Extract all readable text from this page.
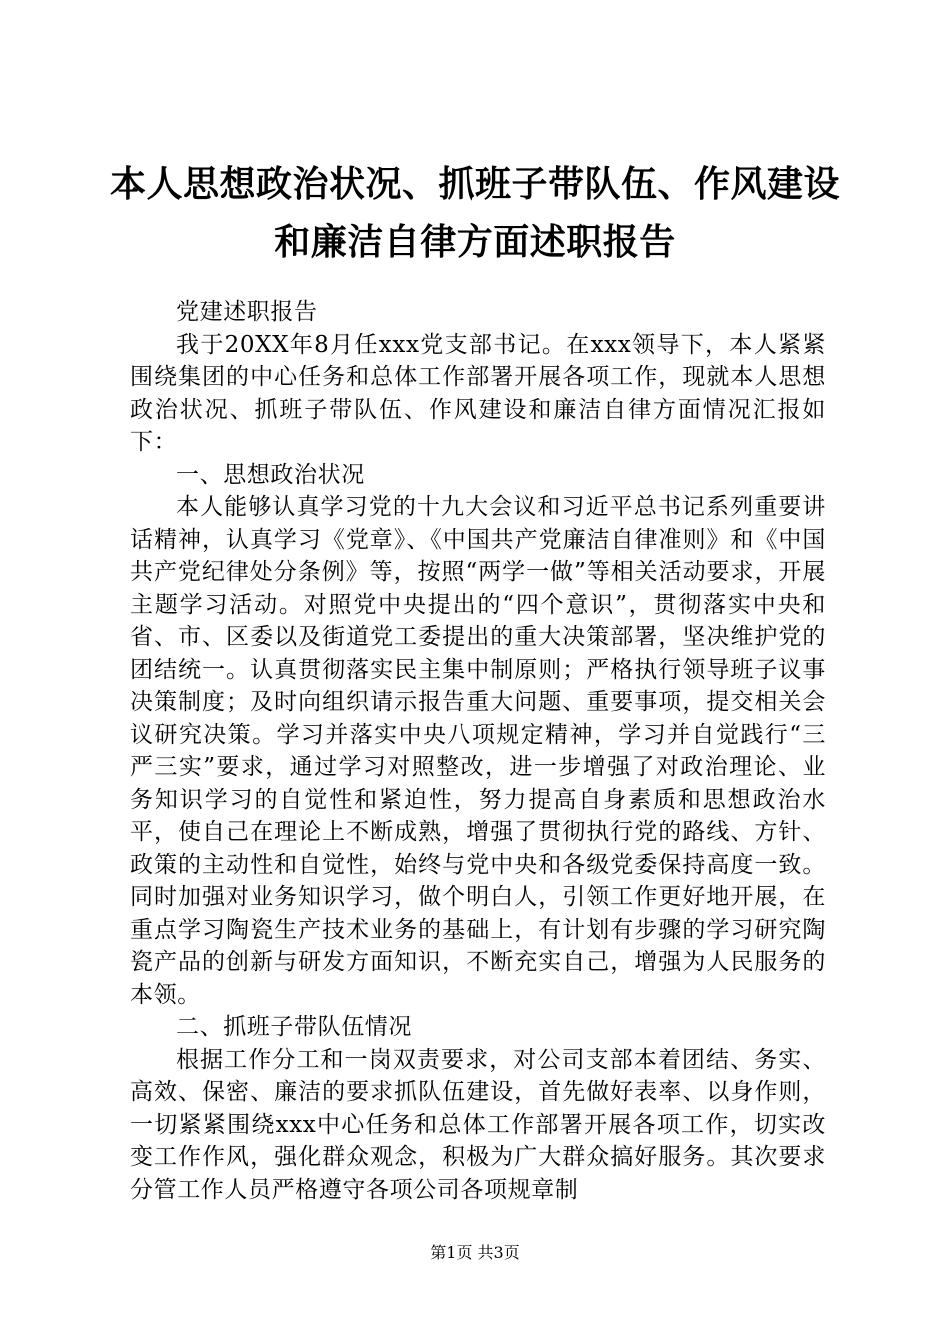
本人思想政治状况、抓班子带队伍、作风建设
和廉洁自律方面述职报告

党建述职报告

我于20XX年8月任xxx党支部书记。在xxx领导下，本人紧紧围绕集团的中心任务和总体工作部署开展各项工作，现就本人思想政治状况、抓班子带队伍、作风建设和廉洁自律方面情况汇报如下：

一、思想政治状况

本人能够认真学习党的十九大会议和习近平总书记系列重要讲话精神，认真学习《党章》、《中国共产党廉洁自律准则》和《中国共产党纪律处分条例》等，按照“两学一做”等相关活动要求，开展主题学习活动。对照党中央提出的“四个意识”，贯彻落实中央和省、市、区委以及街道党工委提出的重大决策部署，坚决维护党的团结统一。认真贯彻落实民主集中制原则；严格执行领导班子议事决策制度；及时向组织请示报告重大问题、重要事项，提交相关会议研究决策。学习并落实中央八项规定精神，学习并自觉践行“三严三实”要求，通过学习对照整改，进一步增强了对政治理论、业务知识学习的自觉性和紧迫性，努力提高自身素质和思想政治水平，使自己在理论上不断成熟，增强了贯彻执行党的路线、方针、政策的主动性和自觉性，始终与党中央和各级党委保持高度一致。同时加强对业务知识学习，做个明白人，引领工作更好地开展，在重点学习陶瓷生产技术业务的基础上，有计划有步骤的学习研究陶瓷产品的创新与研发方面知识，不断充实自己，增强为人民服务的本领。

二、抓班子带队伍情况

根据工作分工和一岗双责要求，对公司支部本着团结、务实、高效、保密、廉洁的要求抓队伍建设，首先做好表率、以身作则，一切紧紧围绕xxx中心任务和总体工作部署开展各项工作，切实改变工作作风，强化群众观念，积极为广大群众搞好服务。其次要求分管工作人员严格遵守各项公司各项规章制

第1页 共3页
